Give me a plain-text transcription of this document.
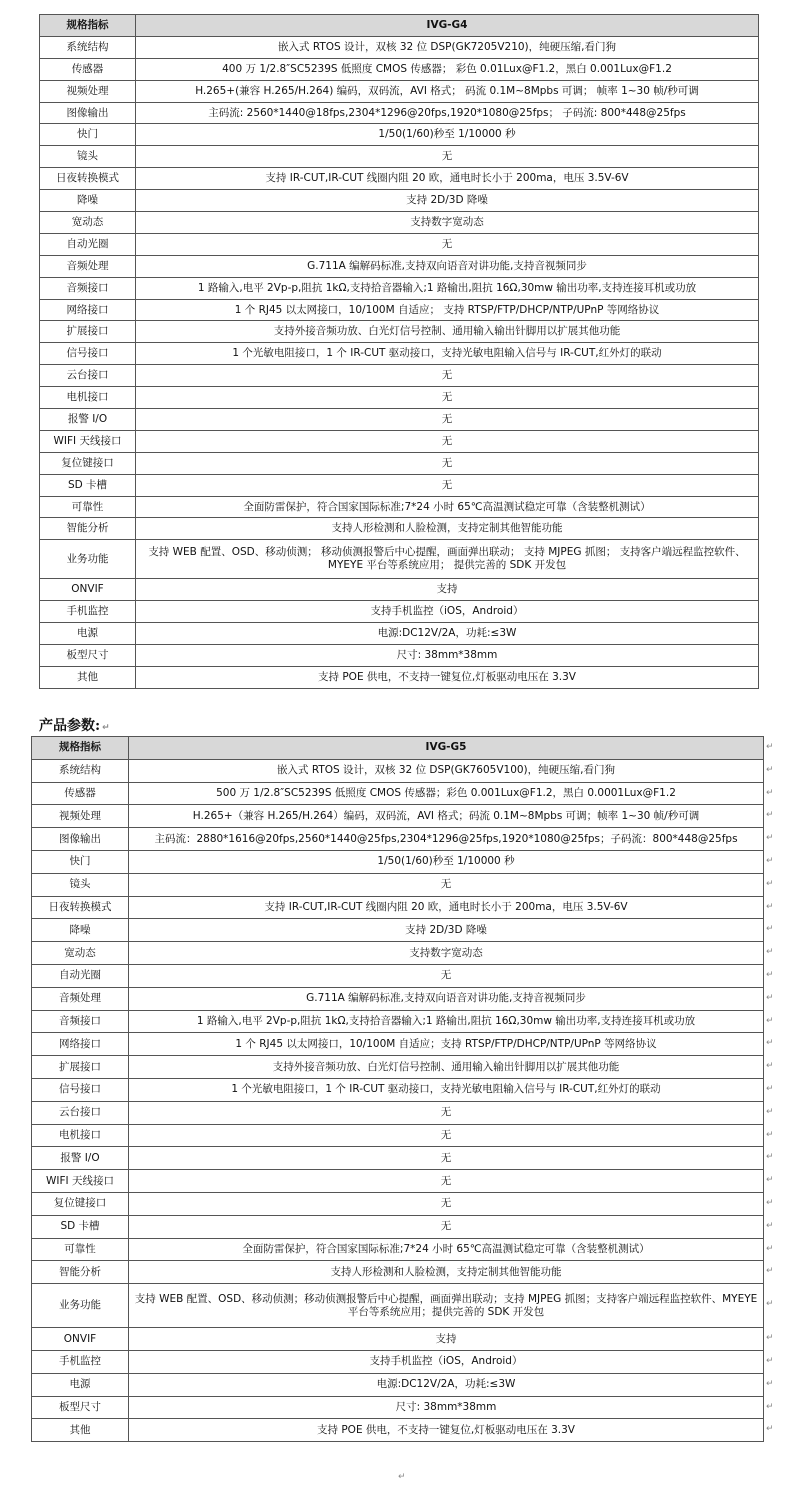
规格指标	IVG-G4
系统结构	嵌入式 RTOS 设计，双核 32 位 DSP(GK7205V210)，纯硬压缩,看门狗
传感器	400 万 1/2.8″SC5239S 低照度 CMOS 传感器； 彩色 0.01Lux@F1.2，黑白 0.001Lux@F1.2
视频处理	H.265+(兼容 H.265/H.264) 编码，双码流，AVI 格式； 码流 0.1M~8Mpbs 可调； 帧率 1~30 帧/秒可调
图像输出	主码流: 2560*1440@18fps,2304*1296@20fps,1920*1080@25fps； 子码流: 800*448@25fps
快门	1/50(1/60)秒至 1/10000 秒
镜头	无
日夜转换模式	支持 IR-CUT,IR-CUT 线圈内阻 20 欧，通电时长小于 200ma，电压 3.5V-6V
降噪	支持 2D/3D 降噪
宽动态	支持数字宽动态
自动光圈	无
音频处理	G.711A 编解码标准,支持双向语音对讲功能,支持音视频同步
音频接口	1 路输入,电平 2Vp-p,阻抗 1kΩ,支持拾音器输入;1 路输出,阻抗 16Ω,30mw 输出功率,支持连接耳机或功放
网络接口	1 个 RJ45 以太网接口，10/100M 自适应； 支持 RTSP/FTP/DHCP/NTP/UPnP 等网络协议
扩展接口	支持外接音频功放、白光灯信号控制、通用输入输出针脚用以扩展其他功能
信号接口	1 个光敏电阻接口，1 个 IR-CUT 驱动接口，支持光敏电阻输入信号与 IR-CUT,红外灯的联动
云台接口	无
电机接口	无
报警 I/O	无
WIFI 天线接口	无
复位键接口	无
SD 卡槽	无
可靠性	全面防雷保护，符合国家国际标准;7*24 小时 65℃高温测试稳定可靠（含装整机测试）
智能分析	支持人形检测和人脸检测，支持定制其他智能功能
业务功能	支持 WEB 配置、OSD、移动侦测； 移动侦测报警后中心提醒，画面弹出联动； 支持 MJPEG 抓图； 支持客户端远程监控软件、MYEYE 平台等系统应用； 提供完善的 SDK 开发包
ONVIF	支持
手机监控	支持手机监控（iOS，Android）
电源	电源:DC12V/2A，功耗:≤3W
板型尺寸	尺寸: 38mm*38mm
其他	支持 POE 供电，不支持一键复位,灯板驱动电压在 3.3V
产品参数: ↵
规格指标	IVG-G5
系统结构	嵌入式 RTOS 设计，双核 32 位 DSP(GK7605V100)，纯硬压缩,看门狗
传感器	500 万 1/2.8″SC5239S 低照度 CMOS 传感器；彩色 0.001Lux@F1.2，黑白 0.0001Lux@F1.2
视频处理	H.265+（兼容 H.265/H.264）编码，双码流，AVI 格式；码流 0.1M~8Mpbs 可调；帧率 1~30 帧/秒可调
图像输出	主码流：2880*1616@20fps,2560*1440@25fps,2304*1296@25fps,1920*1080@25fps；子码流：800*448@25fps
快门	1/50(1/60)秒至 1/10000 秒
镜头	无
日夜转换模式	支持 IR-CUT,IR-CUT 线圈内阻 20 欧，通电时长小于 200ma，电压 3.5V-6V
降噪	支持 2D/3D 降噪
宽动态	支持数字宽动态
自动光圈	无
音频处理	G.711A 编解码标准,支持双向语音对讲功能,支持音视频同步
音频接口	1 路输入,电平 2Vp-p,阻抗 1kΩ,支持拾音器输入;1 路输出,阻抗 16Ω,30mw 输出功率,支持连接耳机或功放
网络接口	1 个 RJ45 以太网接口，10/100M 自适应；支持 RTSP/FTP/DHCP/NTP/UPnP 等网络协议
扩展接口	支持外接音频功放、白光灯信号控制、通用输入输出针脚用以扩展其他功能
信号接口	1 个光敏电阻接口，1 个 IR-CUT 驱动接口，支持光敏电阻输入信号与 IR-CUT,红外灯的联动
云台接口	无
电机接口	无
报警 I/O	无
WIFI 天线接口	无
复位键接口	无
SD 卡槽	无
可靠性	全面防雷保护，符合国家国际标准;7*24 小时 65℃高温测试稳定可靠（含装整机测试）
智能分析	支持人形检测和人脸检测，支持定制其他智能功能
业务功能	支持 WEB 配置、OSD、移动侦测；移动侦测报警后中心提醒，画面弹出联动；支持 MJPEG 抓图；支持客户端远程监控软件、MYEYE 平台等系统应用；提供完善的 SDK 开发包
ONVIF	支持
手机监控	支持手机监控（iOS，Android）
电源	电源:DC12V/2A，功耗:≤3W
板型尺寸	尺寸: 38mm*38mm
其他	支持 POE 供电，不支持一键复位,灯板驱动电压在 3.3V
↵
↵
↵
↵
↵
↵
↵
↵
↵
↵
↵
↵
↵
↵
↵
↵
↵
↵
↵
↵
↵
↵
↵
↵
↵
↵
↵
↵
↵
↵
↵
